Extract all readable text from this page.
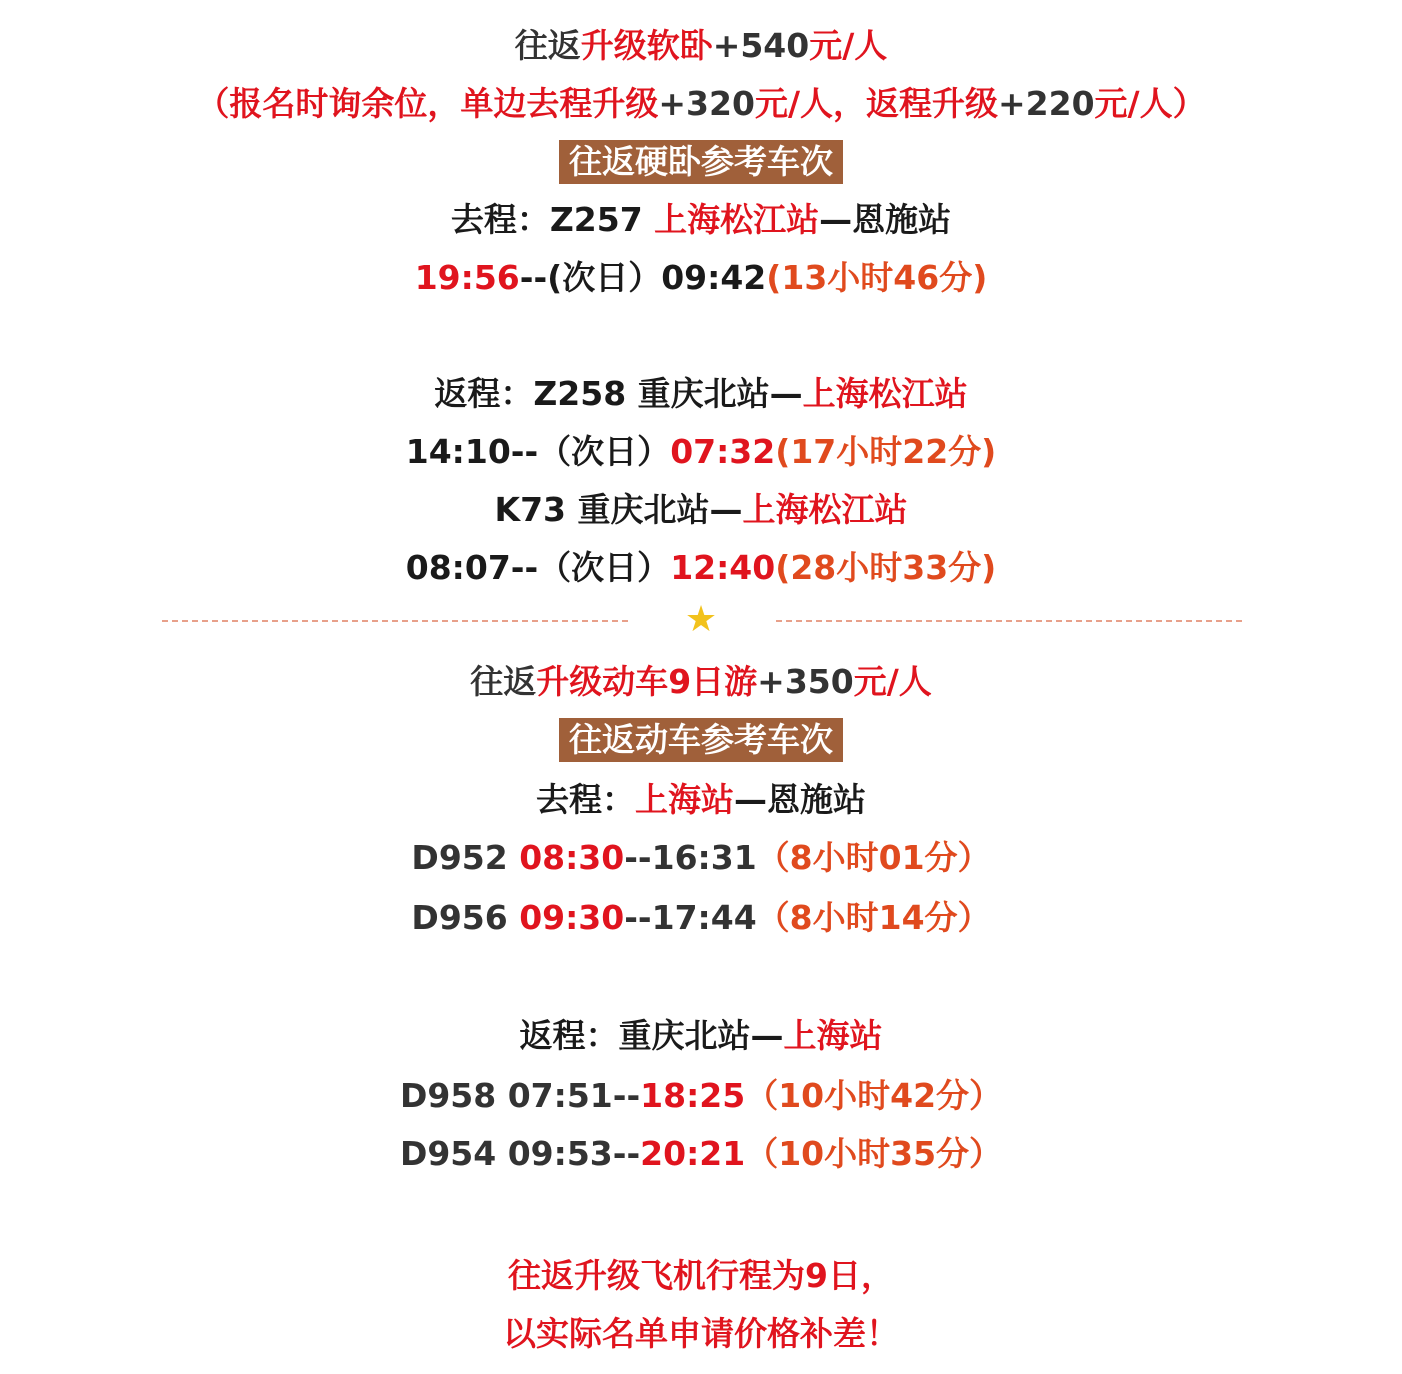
往返升级软卧+540元/人
（报名时询余位，单边去程升级+320元/人，返程升级+220元/人）
往返硬卧参考车次
去程：Z257 上海松江站—恩施站
19:56--(次日）09:42(13小时46分)
返程：Z258 重庆北站—上海松江站
14:10--（次日）07:32(17小时22分)
K73 重庆北站—上海松江站
08:07--（次日）12:40(28小时33分)
★
往返升级动车9日游+350元/人
往返动车参考车次
去程：上海站—恩施站
D952 08:30--16:31（8小时01分）
D956 09:30--17:44（8小时14分）
返程：重庆北站—上海站
D958 07:51--18:25（10小时42分）
D954 09:53--20:21（10小时35分）
往返升级飞机行程为9日，
以实际名单申请价格补差！
